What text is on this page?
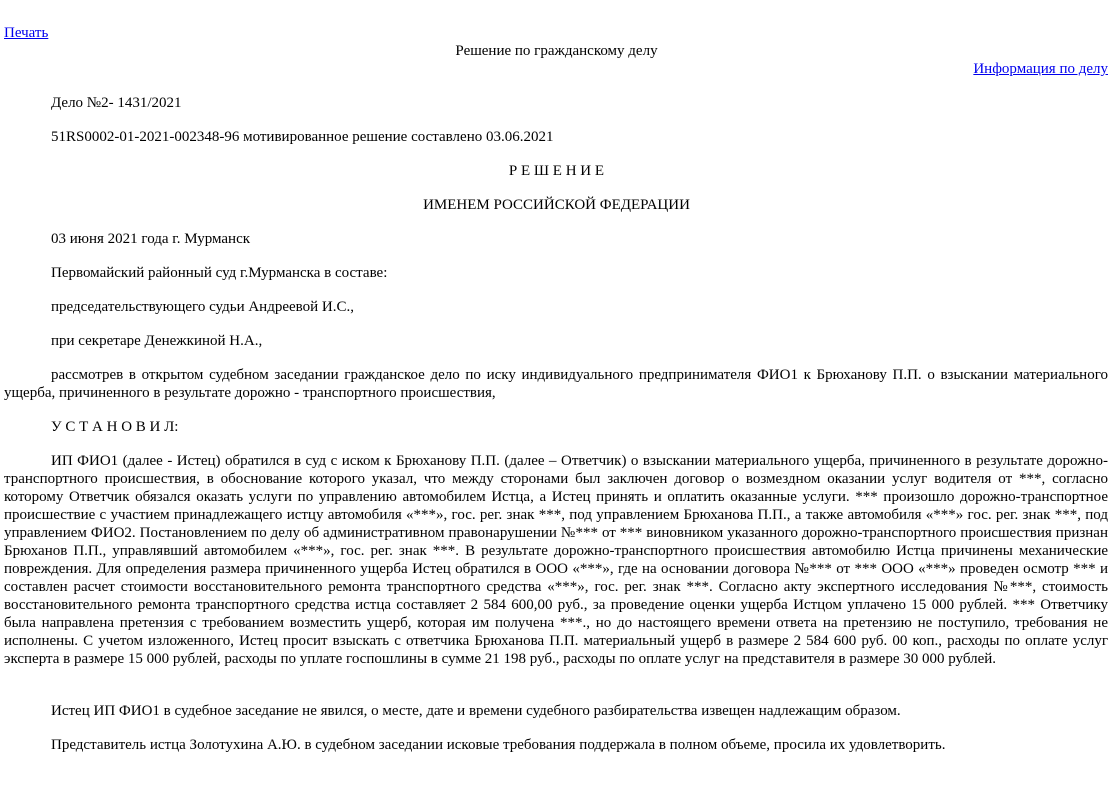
Печать
Решение по гражданскому делу
Информация по делу

Дело №2- 1431/2021

51RS0002-01-2021-002348-96 мотивированное решение составлено 03.06.2021

Р Е Ш Е Н И Е

ИМЕНЕМ РОССИЙСКОЙ ФЕДЕРАЦИИ

03 июня 2021 года г. Мурманск

Первомайский районный суд г.Мурманска в составе:

председательствующего судьи Андреевой И.С.,

при секретаре Денежкиной Н.А.,

рассмотрев в открытом судебном заседании гражданское дело по иску индивидуального предпринимателя ФИО1 к Брюханову П.П. о взыскании материального ущерба, причиненного в результате дорожно - транспортного происшествия,

У С Т А Н О В И Л:

ИП ФИО1 (далее - Истец) обратился в суд с иском к Брюханову П.П. (далее – Ответчик) о взыскании материального ущерба, причиненного в результате дорожно-транспортного происшествия, в обоснование которого указал, что между сторонами был заключен договор о возмездном оказании услуг водителя от ***, согласно которому Ответчик обязался оказать услуги по управлению автомобилем Истца, а Истец принять и оплатить оказанные услуги. *** произошло дорожно-транспортное происшествие с участием принадлежащего истцу автомобиля «***», гос. рег. знак ***, под управлением Брюханова П.П., а также автомобиля «***» гос. рег. знак ***, под управлением ФИО2. Постановлением по делу об административном правонарушении №*** от *** виновником указанного дорожно-транспортного происшествия признан Брюханов П.П., управлявший автомобилем «***», гос. рег. знак ***. В результате дорожно-транспортного происшествия автомобилю Истца причинены механические повреждения. Для определения размера причиненного ущерба Истец обратился в ООО «***», где на основании договора №*** от *** ООО «***» проведен осмотр *** и составлен расчет стоимости восстановительного ремонта транспортного средства «***», гос. рег. знак ***. Согласно акту экспертного исследования №***, стоимость восстановительного ремонта транспортного средства истца составляет 2 584 600,00 руб., за проведение оценки ущерба Истцом уплачено 15 000 рублей. *** Ответчику была направлена претензия с требованием возместить ущерб, которая им получена ***., но до настоящего времени ответа на претензию не поступило, требования не исполнены. С учетом изложенного, Истец просит взыскать с ответчика Брюханова П.П. материальный ущерб в размере 2 584 600 руб. 00 коп., расходы по оплате услуг эксперта в размере 15 000 рублей, расходы по уплате госпошлины в сумме 21 198 руб., расходы по оплате услуг на представителя в размере 30 000 рублей.

Истец ИП ФИО1 в судебное заседание не явился, о месте, дате и времени судебного разбирательства извещен надлежащим образом.

Представитель истца Золотухина А.Ю. в судебном заседании исковые требования поддержала в полном объеме, просила их удовлетворить.
